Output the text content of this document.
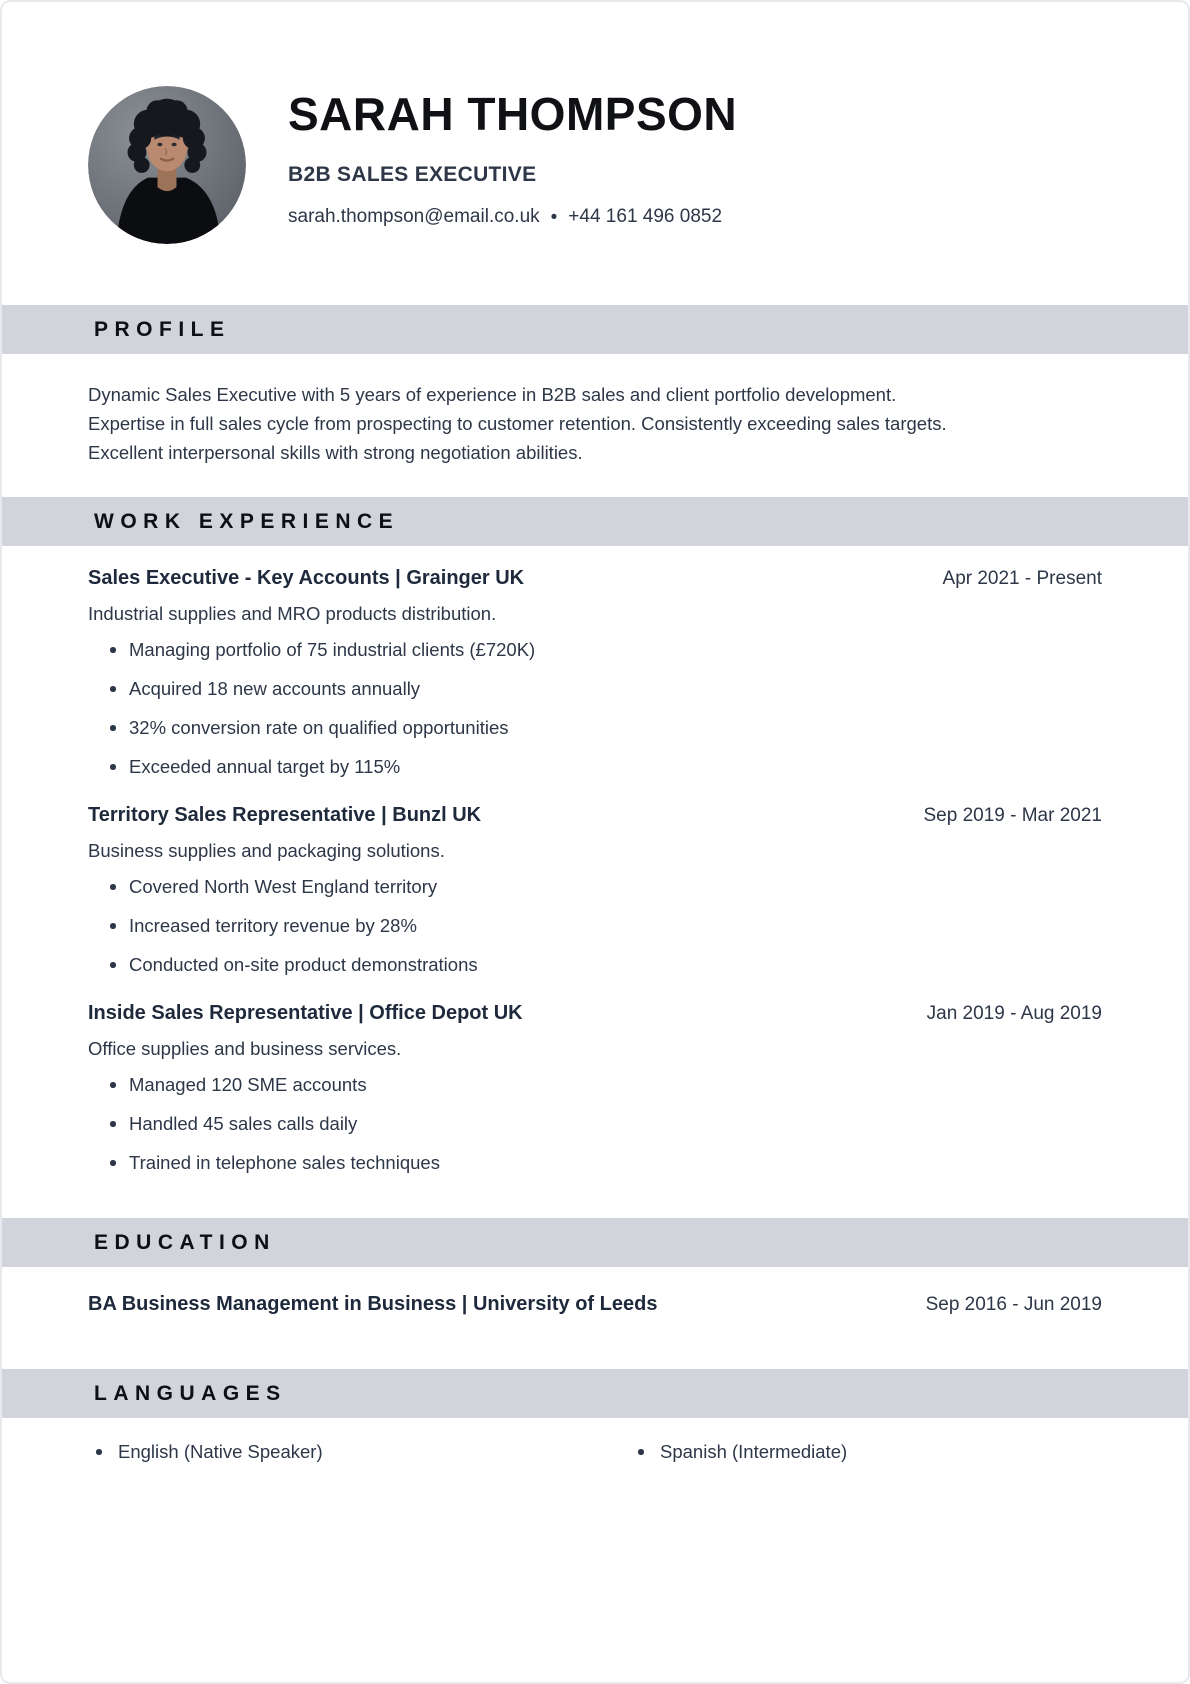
SARAH THOMPSON
B2B SALES EXECUTIVE
sarah.thompson@email.co.uk • +44 161 496 0852
PROFILE
Dynamic Sales Executive with 5 years of experience in B2B sales and client portfolio development.
Expertise in full sales cycle from prospecting to customer retention. Consistently exceeding sales targets.
Excellent interpersonal skills with strong negotiation abilities.
WORK EXPERIENCE
Sales Executive - Key Accounts | Grainger UK	Apr 2021 - Present
Industrial supplies and MRO products distribution.
Managing portfolio of 75 industrial clients (£720K)
Acquired 18 new accounts annually
32% conversion rate on qualified opportunities
Exceeded annual target by 115%
Territory Sales Representative | Bunzl UK	Sep 2019 - Mar 2021
Business supplies and packaging solutions.
Covered North West England territory
Increased territory revenue by 28%
Conducted on-site product demonstrations
Inside Sales Representative | Office Depot UK	Jan 2019 - Aug 2019
Office supplies and business services.
Managed 120 SME accounts
Handled 45 sales calls daily
Trained in telephone sales techniques
EDUCATION
BA Business Management in Business | University of Leeds	Sep 2016 - Jun 2019
LANGUAGES
English (Native Speaker)	Spanish (Intermediate)
